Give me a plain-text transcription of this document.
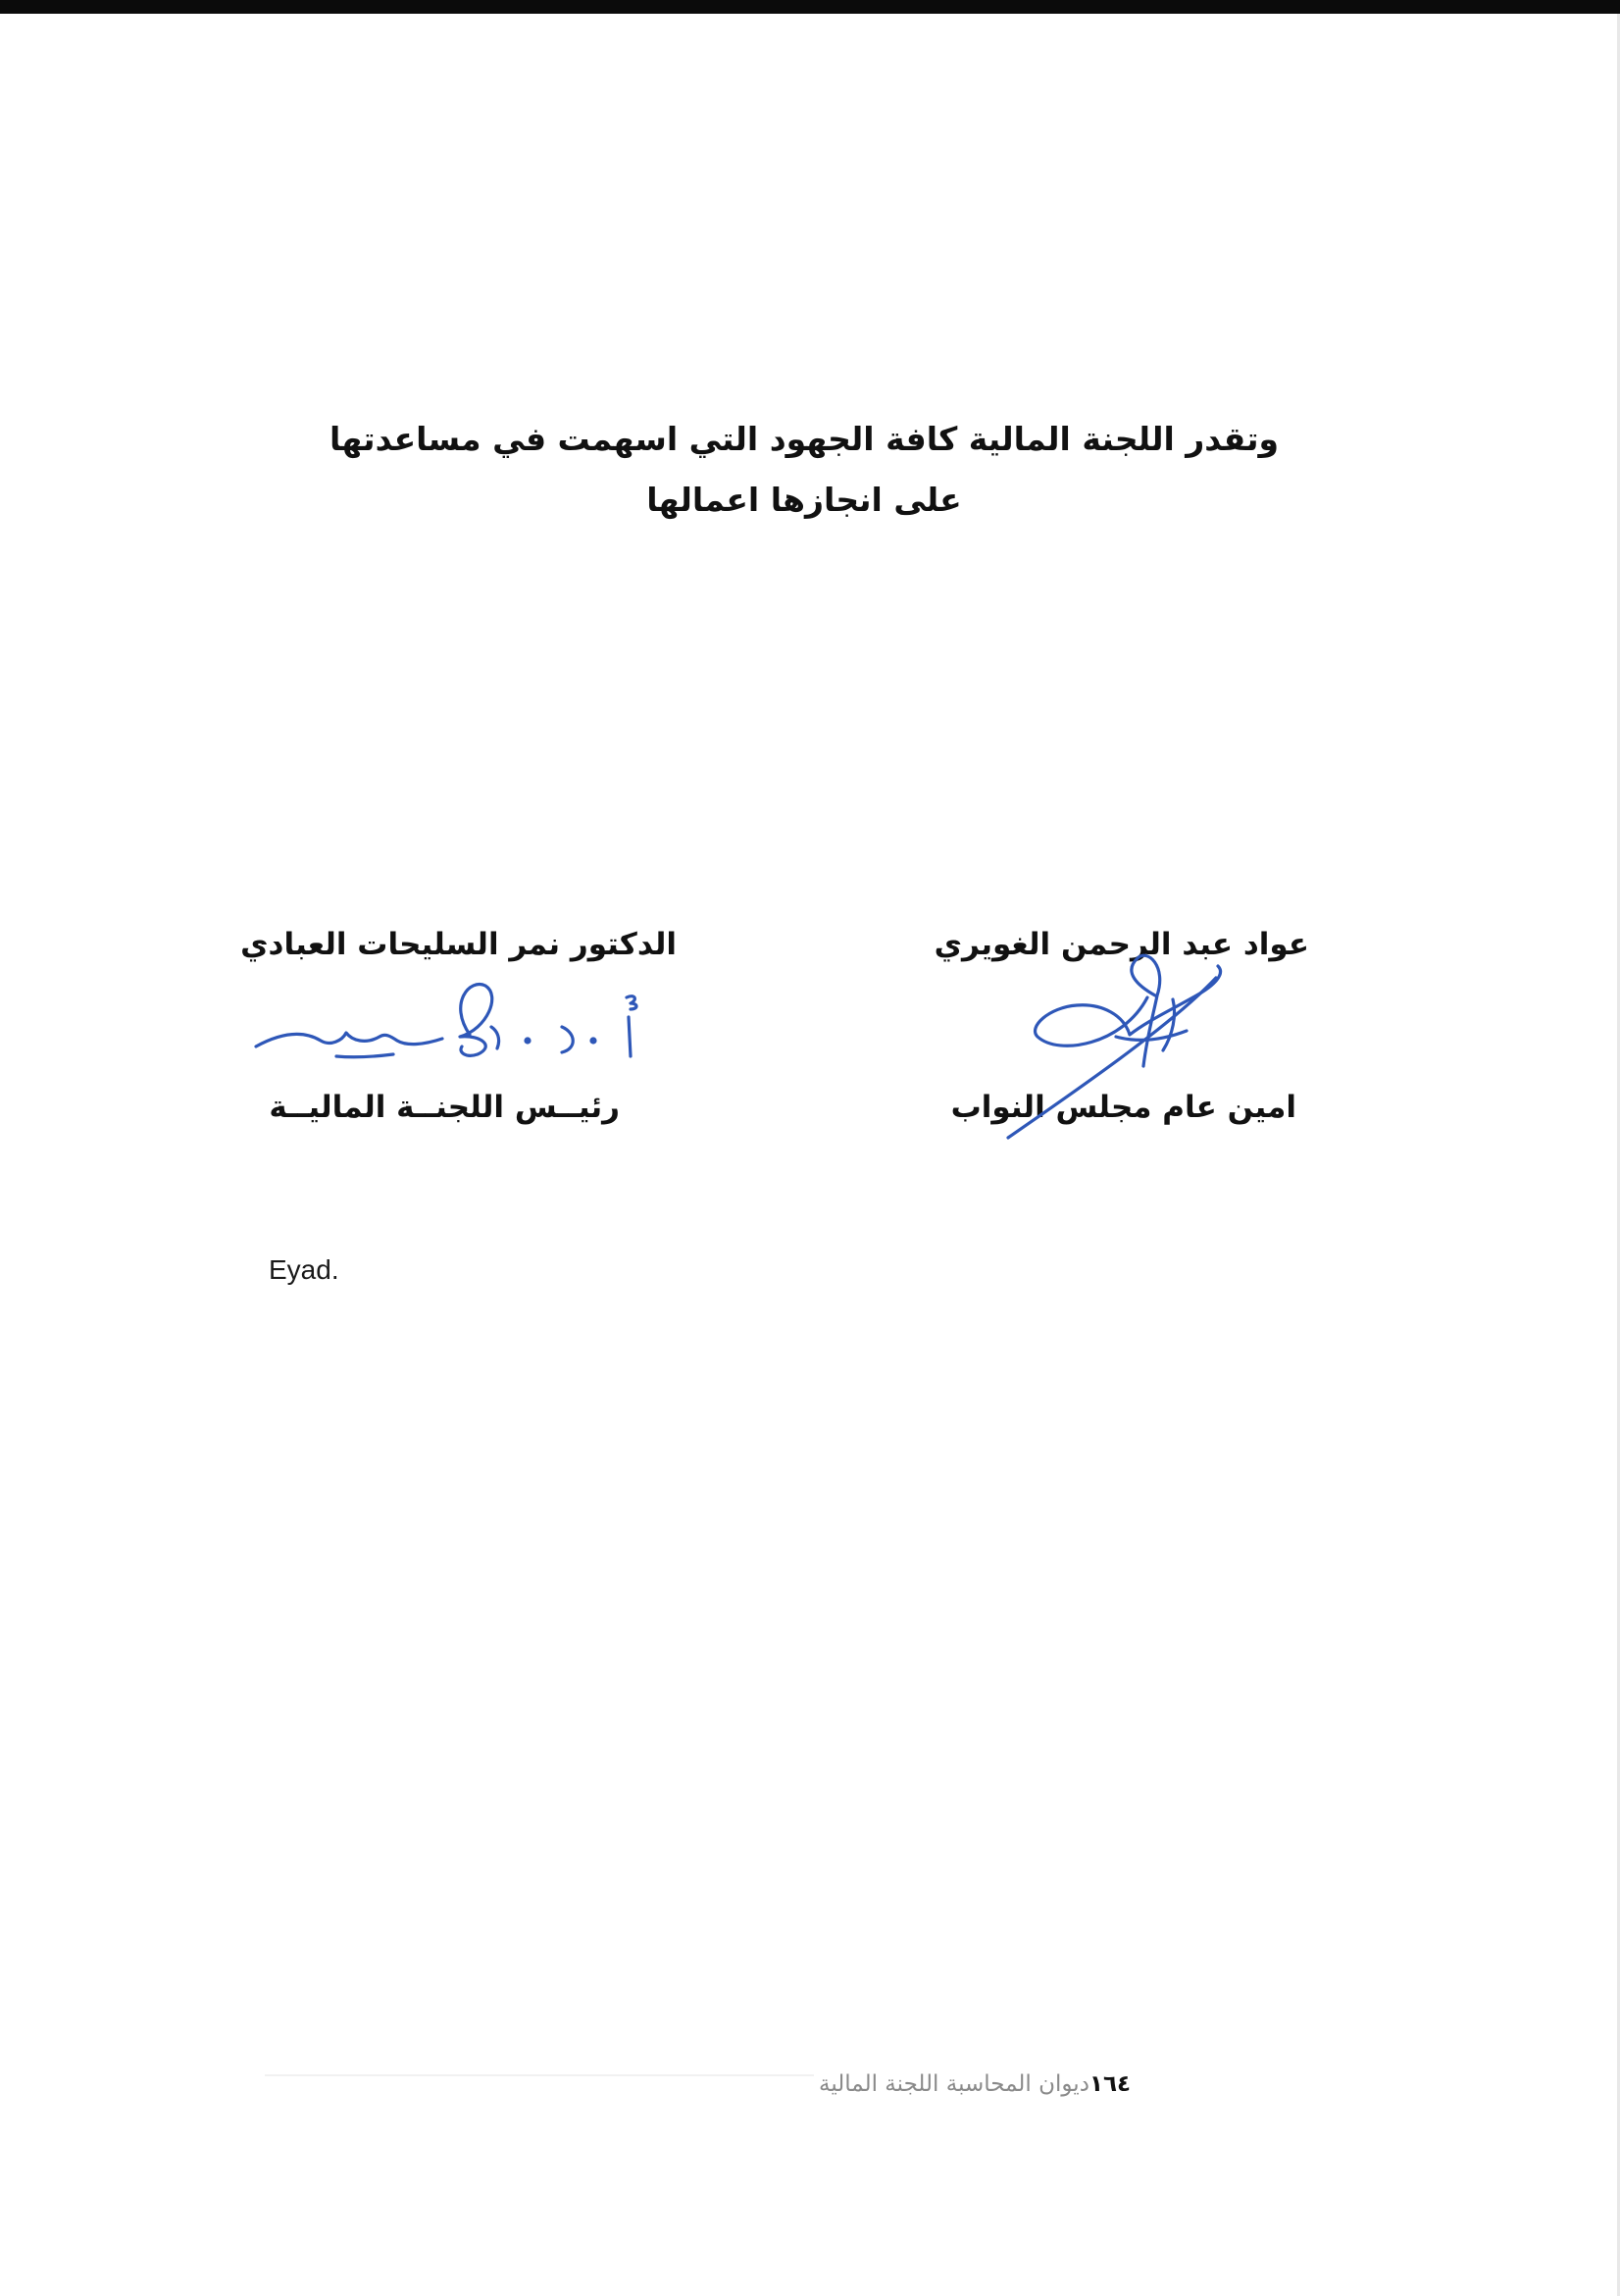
وتقدر اللجنة المالية كافة الجهود التي اسهمت في مساعدتها على انجازها اعمالها

الدكتور نمر السليحات العبادي
رئيــس اللجنــة الماليــة
عواد عبد الرحمن الغويري
امين عام مجلس النواب
Eyad.
١٦٤ديوان المحاسبة اللجنة المالية
